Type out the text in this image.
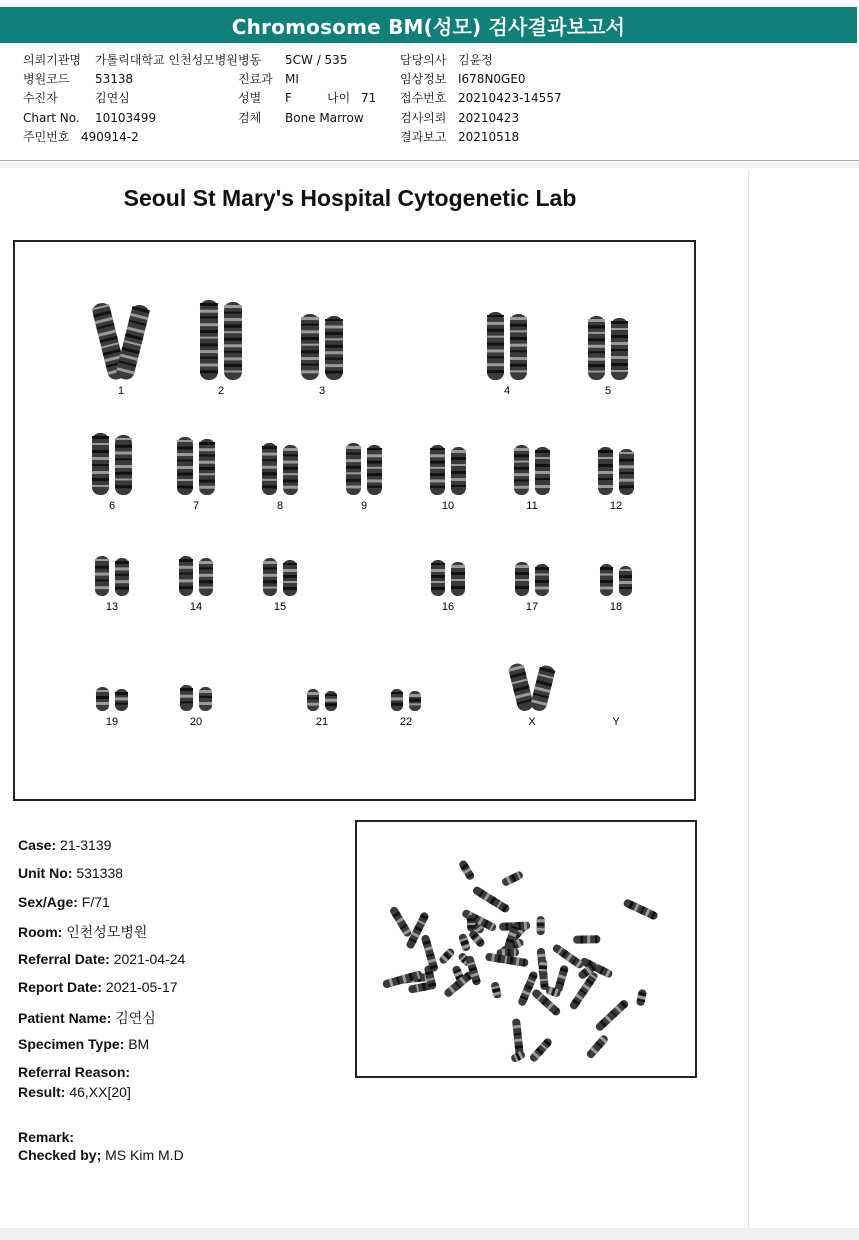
Chromosome BM(성모) 검사결과보고서
의뢰기관명 가톨릭대학교 인천성모병원 병동 5CW / 535	담당의사 김윤정
병원코드 53138	진료과 MI	임상정보 I678N0GE0
수진자	김연심	성별 F	나이 71 접수번호 20210423-14557
Chart No. 10103499	검체 Bone Marrow	검사의뢰 20210423
주민번호 490914-2	결과보고 20210518
Seoul St Mary's Hospital Cytogenetic Lab
1	2	3	4	5
6	7	8	9	10	11	12
13	14	15	16	17	18
19	20	21	22	X	Y
Case: 21-3139
Unit No: 531338
Sex/Age: F/71
Room: 인천성모병원
Referral Date: 2021-04-24
Report Date: 2021-05-17
Patient Name: 김연심
Specimen Type: BM
Referral Reason:
Result: 46,XX[20]
Remark:
Checked by; MS Kim M.D
